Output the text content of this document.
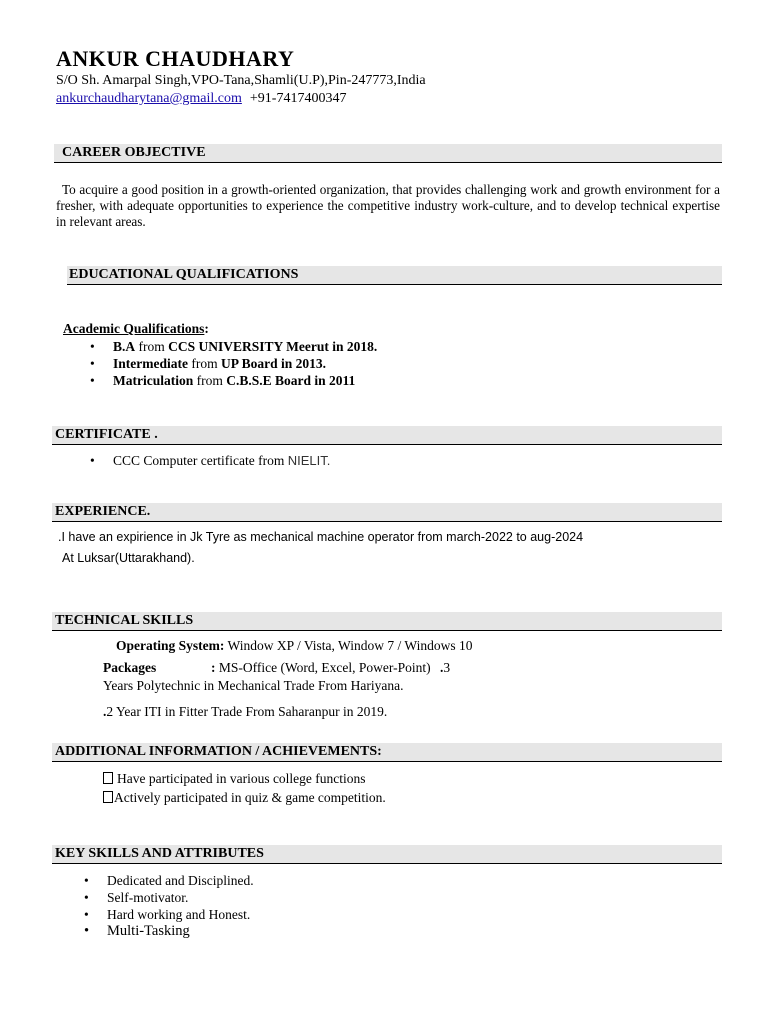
ANKUR CHAUDHARY
S/O Sh. Amarpal Singh,VPO-Tana,Shamli(U.P),Pin-247773,India
ankurchaudharytana@gmail.com +91-7417400347
CAREER OBJECTIVE
To acquire a good position in a growth-oriented organization, that provides challenging work and growth environment for a fresher, with adequate opportunities to experience the competitive industry work-culture, and to develop technical expertise in relevant areas.
EDUCATIONAL QUALIFICATIONS
Academic Qualifications:
• B.A from CCS UNIVERSITY Meerut in 2018.
• Intermediate from UP Board in 2013.
• Matriculation from C.B.S.E Board in 2011
CERTIFICATE .
• CCC Computer certificate from NIELIT.
EXPERIENCE.
.I have an expirience in Jk Tyre as mechanical machine operator from march-2022 to aug-2024
At Luksar(Uttarakhand).
TECHNICAL SKILLS
Operating System: Window XP / Vista, Window 7 / Windows 10
Packages	: MS-Office (Word, Excel, Power-Point) .3
Years Polytechnic in Mechanical Trade From Hariyana.
.2 Year ITI in Fitter Trade From Saharanpur in 2019.
ADDITIONAL INFORMATION / ACHIEVEMENTS:
Have participated in various college functions
Actively participated in quiz & game competition.
KEY SKILLS AND ATTRIBUTES
• Dedicated and Disciplined.
• Self-motivator.
• Hard working and Honest.
• Multi-Tasking
